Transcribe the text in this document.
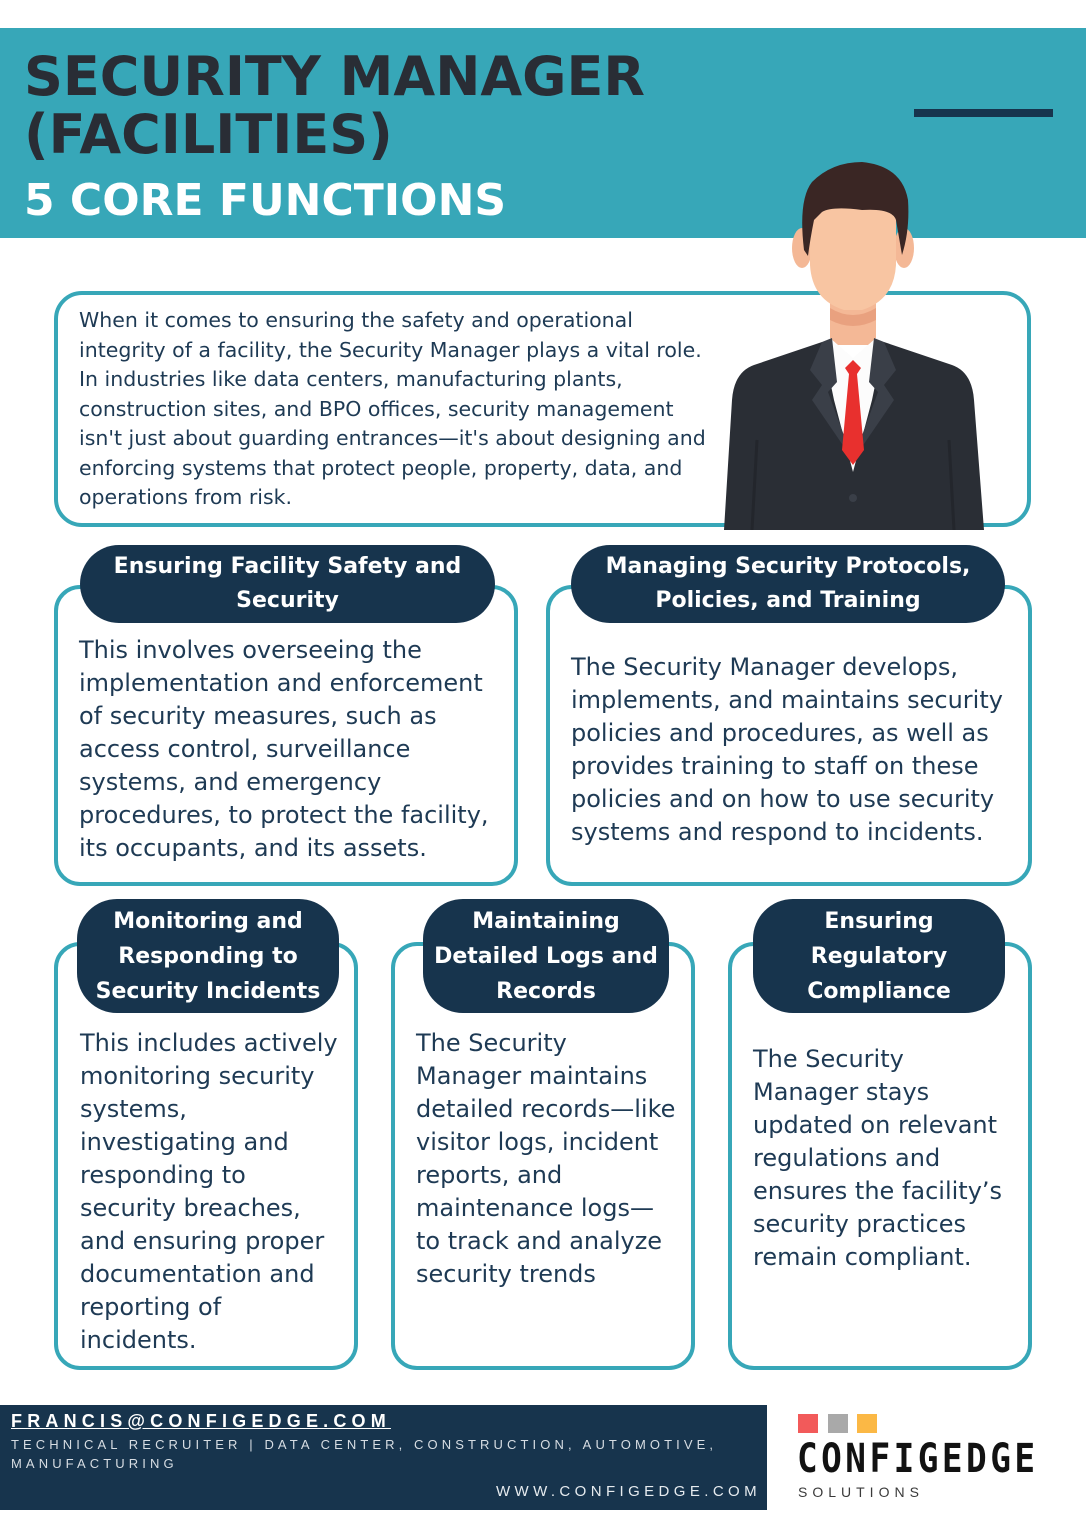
SECURITY MANAGER
(FACILITIES)
5 CORE FUNCTIONS
When it comes to ensuring the safety and operational integrity of a facility, the Security Manager plays a vital role. In industries like data centers, manufacturing plants, construction sites, and BPO offices, security management isn't just about guarding entrances—it's about designing and enforcing systems that protect people, property, data, and operations from risk.
Ensuring Facility Safety and Security
This involves overseeing the implementation and enforcement of security measures, such as access control, surveillance systems, and emergency procedures, to protect the facility, its occupants, and its assets.
Managing Security Protocols, Policies, and Training
The Security Manager develops, implements, and maintains security policies and procedures, as well as provides training to staff on these policies and on how to use security systems and respond to incidents.
Monitoring and Responding to Security Incidents
This includes actively monitoring security systems, investigating and responding to security breaches, and ensuring proper documentation and reporting of incidents.
Maintaining Detailed Logs and Records
The Security Manager maintains detailed records—like visitor logs, incident reports, and maintenance logs—to track and analyze security trends
Ensuring Regulatory Compliance
The Security Manager stays updated on relevant regulations and ensures the facility’s security practices remain compliant.
FRANCIS@CONFIGEDGE.COM
TECHNICAL RECRUITER | DATA CENTER, CONSTRUCTION, AUTOMOTIVE, MANUFACTURING
WWW.CONFIGEDGE.COM
CONFIGEDGE
SOLUTIONS
